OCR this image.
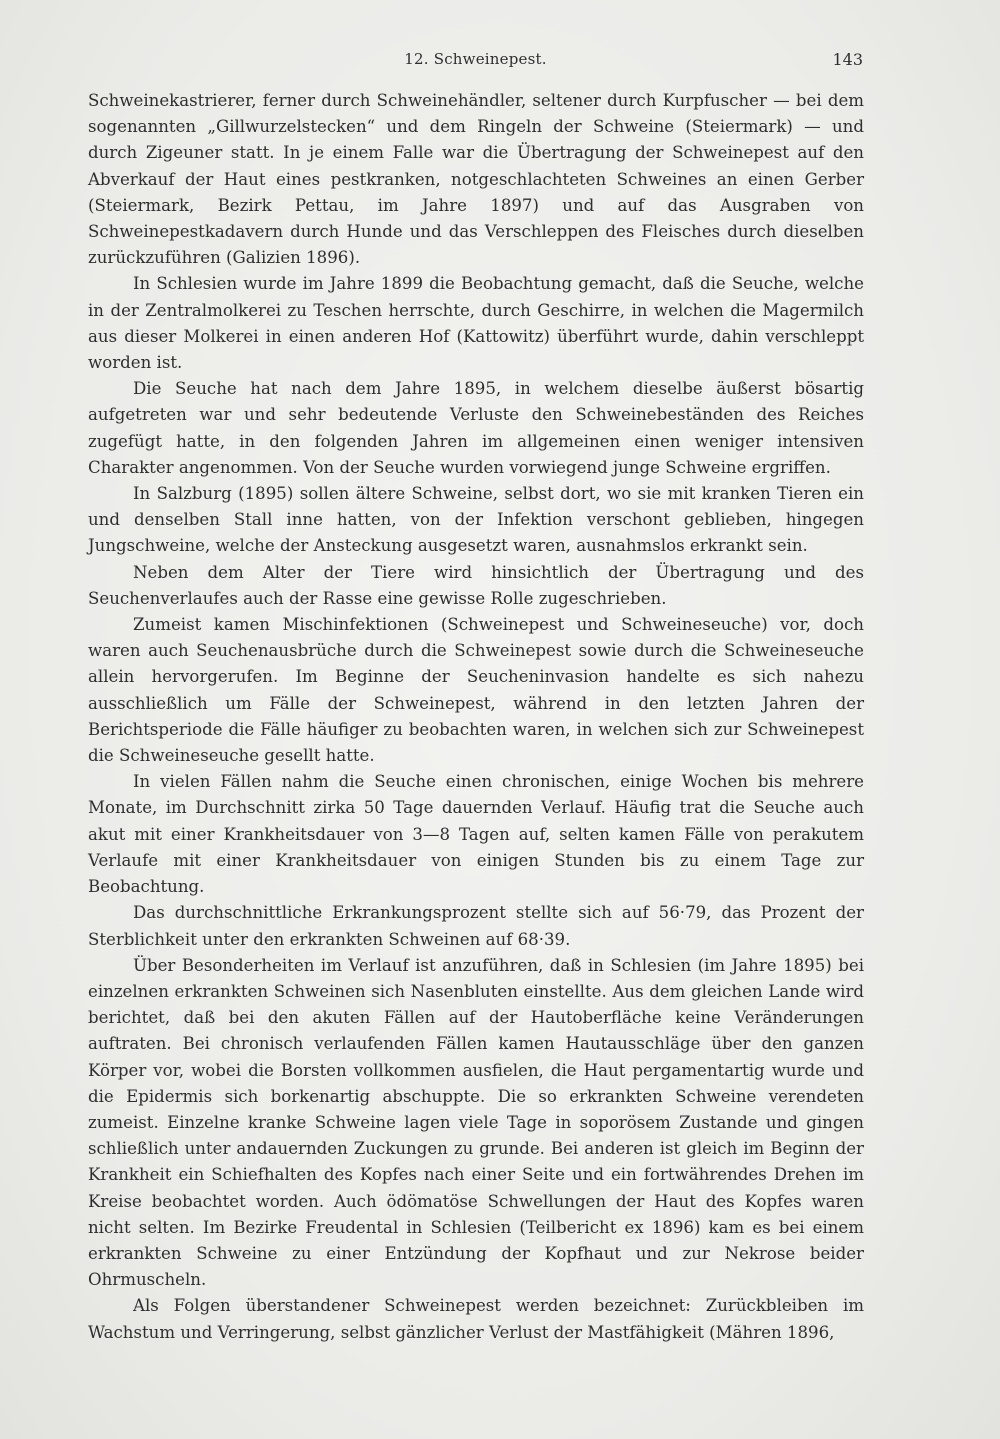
12. Schweinepest.	143

Schweinekastrierer, ferner durch Schweinehändler, seltener durch Kurpfuscher — bei dem sogenannten „Gillwurzelstecken“ und dem Ringeln der Schweine (Steiermark) — und durch Zigeuner statt. In je einem Falle war die Übertragung der Schweinepest auf den Abverkauf der Haut eines pestkranken, notgeschlachteten Schweines an einen Gerber (Steiermark, Bezirk Pettau, im Jahre 1897) und auf das Ausgraben von Schweinepestkadavern durch Hunde und das Verschleppen des Fleisches durch dieselben zurückzuführen (Galizien 1896).

In Schlesien wurde im Jahre 1899 die Beobachtung gemacht, daß die Seuche, welche in der Zentralmolkerei zu Teschen herrschte, durch Geschirre, in welchen die Magermilch aus dieser Molkerei in einen anderen Hof (Kattowitz) überführt wurde, dahin verschleppt worden ist.

Die Seuche hat nach dem Jahre 1895, in welchem dieselbe äußerst bösartig aufgetreten war und sehr bedeutende Verluste den Schweinebeständen des Reiches zugefügt hatte, in den folgenden Jahren im allgemeinen einen weniger intensiven Charakter angenommen. Von der Seuche wurden vorwiegend junge Schweine ergriffen.

In Salzburg (1895) sollen ältere Schweine, selbst dort, wo sie mit kranken Tieren ein und denselben Stall inne hatten, von der Infektion verschont geblieben, hingegen Jungschweine, welche der Ansteckung ausgesetzt waren, ausnahmslos erkrankt sein.

Neben dem Alter der Tiere wird hinsichtlich der Übertragung und des Seuchenverlaufes auch der Rasse eine gewisse Rolle zugeschrieben.

Zumeist kamen Mischinfektionen (Schweinepest und Schweineseuche) vor, doch waren auch Seuchenausbrüche durch die Schweinepest sowie durch die Schweineseuche allein hervorgerufen. Im Beginne der Seucheninvasion handelte es sich nahezu ausschließlich um Fälle der Schweinepest, während in den letzten Jahren der Berichtsperiode die Fälle häufiger zu beobachten waren, in welchen sich zur Schweinepest die Schweineseuche gesellt hatte.

In vielen Fällen nahm die Seuche einen chronischen, einige Wochen bis mehrere Monate, im Durchschnitt zirka 50 Tage dauernden Verlauf. Häufig trat die Seuche auch akut mit einer Krankheitsdauer von 3—8 Tagen auf, selten kamen Fälle von perakutem Verlaufe mit einer Krankheitsdauer von einigen Stunden bis zu einem Tage zur Beobachtung.

Das durchschnittliche Erkrankungsprozent stellte sich auf 56·79, das Prozent der Sterblichkeit unter den erkrankten Schweinen auf 68·39.

Über Besonderheiten im Verlauf ist anzuführen, daß in Schlesien (im Jahre 1895) bei einzelnen erkrankten Schweinen sich Nasenbluten einstellte. Aus dem gleichen Lande wird berichtet, daß bei den akuten Fällen auf der Hautoberfläche keine Veränderungen auftraten. Bei chronisch verlaufenden Fällen kamen Hautausschläge über den ganzen Körper vor, wobei die Borsten vollkommen ausfielen, die Haut pergamentartig wurde und die Epidermis sich borkenartig abschuppte. Die so erkrankten Schweine verendeten zumeist. Einzelne kranke Schweine lagen viele Tage in soporösem Zustande und gingen schließlich unter andauernden Zuckungen zu grunde. Bei anderen ist gleich im Beginn der Krankheit ein Schiefhalten des Kopfes nach einer Seite und ein fortwährendes Drehen im Kreise beobachtet worden. Auch ödömatöse Schwellungen der Haut des Kopfes waren nicht selten. Im Bezirke Freudental in Schlesien (Teilbericht ex 1896) kam es bei einem erkrankten Schweine zu einer Entzündung der Kopfhaut und zur Nekrose beider Ohrmuscheln.

Als Folgen überstandener Schweinepest werden bezeichnet: Zurückbleiben im Wachstum und Verringerung, selbst gänzlicher Verlust der Mastfähigkeit (Mähren 1896,
